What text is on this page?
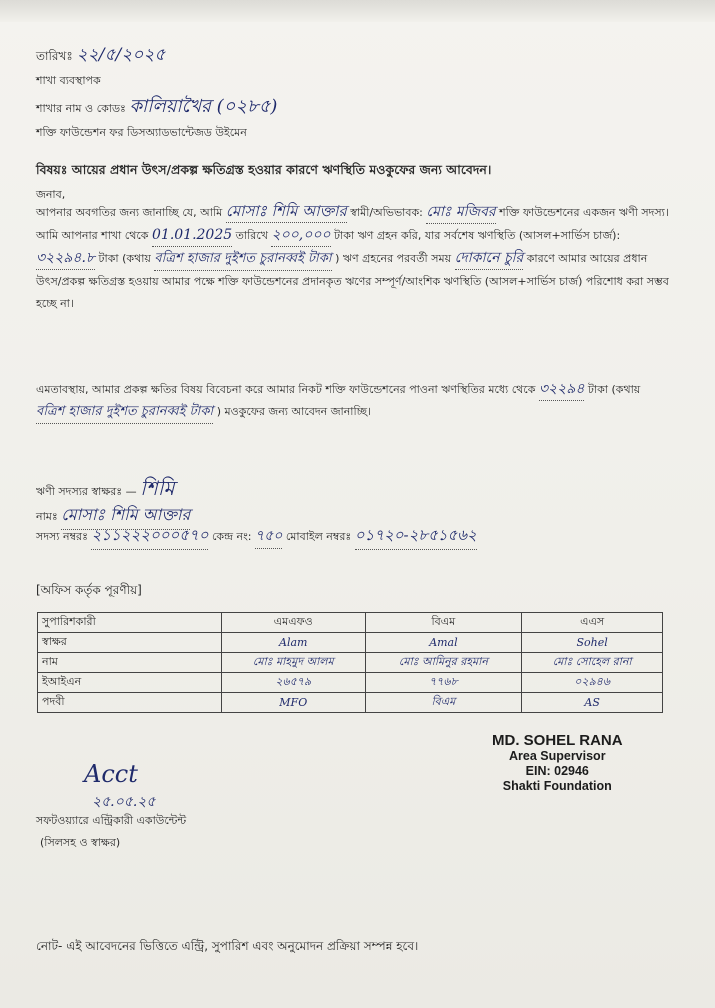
তারিখঃ ২২/৫/২০২৫
শাখা ব্যবস্থাপক
শাখার নাম ও কোডঃ কালিয়াখৈর (০২৮৫)
শক্তি ফাউন্ডেশন ফর ডিসঅ্যাডভান্টেজড উইমেন
বিষয়ঃ আয়ের প্রধান উৎস/প্রকল্প ক্ষতিগ্রস্ত হওয়ার কারণে ঋণস্থিতি মওকুফের জন্য আবেদন।
জনাব,
আপনার অবগতির জন্য জানাচ্ছি যে, আমি মোসাঃ শিমি আক্তার স্বামী/অভিভাবক: মোঃ মজিবর শক্তি ফাউন্ডেশনের একজন ঋণী সদস্য। আমি আপনার শাখা থেকে 01.01.2025 তারিখে ২০০,০০০ টাকা ঋণ গ্রহন করি, যার সর্বশেষ ঋণস্থিতি (আসল+সার্ভিস চার্জ): ৩২২৯৪.৮ টাকা (কথায় বত্রিশ হাজার দুইশত চুরানব্বই টাকা ) ঋণ গ্রহনের পরবর্তী সময় দোকানে চুরি কারণে আমার আয়ের প্রধান উৎস/প্রকল্প ক্ষতিগ্রস্ত হওয়ায় আমার পক্ষে শক্তি ফাউন্ডেশনের প্রদানকৃত ঋণের সম্পূর্ণ/আংশিক ঋণস্থিতি (আসল+সার্ভিস চার্জ) পরিশোধ করা সম্ভব হচ্ছে না।
এমতাবস্থায়, আমার প্রকল্প ক্ষতির বিষয় বিবেচনা করে আমার নিকট শক্তি ফাউন্ডেশনের পাওনা ঋণস্থিতির মধ্যে থেকে ৩২২৯৪ টাকা (কথায় বত্রিশ হাজার দুইশত চুরানব্বই টাকা ) মওকুফের জন্য আবেদন জানাচ্ছি।
ঋণী সদস্যর স্বাক্ষরঃ — শিমি
নামঃ মোসাঃ শিমি আক্তার
সদস্য নম্বরঃ ২১১২২২০০০৫৭০ কেন্দ্র নং: ৭৫০ মোবাইল নম্বরঃ ০১৭২০-২৮৫১৫৬২
[অফিস কর্তৃক পূরণীয়]
সুপারিশকারী	এমএফও	বিএম	এএস
স্বাক্ষর	Alam	Amal	Sohel
নাম	মোঃ মাহমুদ আলম	মোঃ আমিনুর রহমান	মোঃ সোহেল রানা
ইআইএন	২৬৫৭৯	৭৭৬৮	০২৯৪৬
পদবী	MFO	বিএম	AS
MD. SOHEL RANA
Area Supervisor
EIN: 02946
Shakti Foundation
Acct
২৫.০৫.২৫
সফটওয়্যারে এন্ট্রিকারী একাউন্টেন্ট
(সিলসহ ও স্বাক্ষর)
নোট- এই আবেদনের ভিত্তিতে এন্ট্রি, সুপারিশ এবং অনুমোদন প্রক্রিয়া সম্পন্ন হবে।
